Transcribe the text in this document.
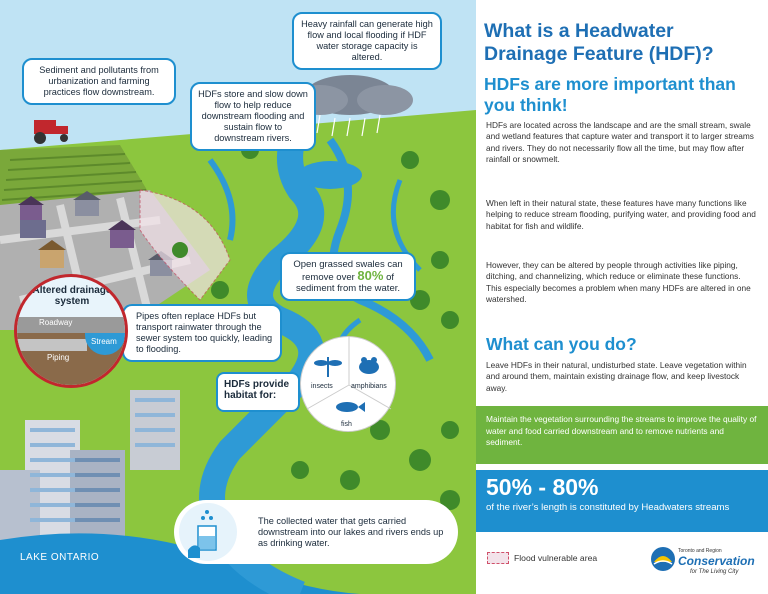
Sediment and pollutants from urbanization and farming practices flow downstream.
Heavy rainfall can generate high flow and local flooding if HDF water storage capacity is altered.
HDFs store and slow down flow to help reduce downstream flooding and sustain flow to downstream rivers.
Open grassed swales can remove over 80% of sediment from the water.
Pipes often replace HDFs but transport rainwater through the sewer system too quickly, leading to flooding.
Altered drainage system
Roadway
Piping
Stream
HDFs provide habitat for:
insects	amphibians
fish
The collected water that gets carried downstream into our lakes and rivers ends up as drinking water.
LAKE ONTARIO
What is a Headwater Drainage Feature (HDF)?
HDFs are more important than you think!

HDFs are located across the landscape and are the small stream, swale and wetland features that capture water and transport it to larger streams and rivers. They do not necessarily flow all the time, but may flow after rainfall or snowmelt.

When left in their natural state, these features have many functions like helping to reduce stream flooding, purifying water, and providing food and habitat for fish and wildlife.

However, they can be altered by people through activities like piping, ditching, and channelizing, which reduce or eliminate these functions. This especially becomes a problem when many HDFs are altered in one watershed.

What can you do?

Leave HDFs in their natural, undisturbed state. Leave vegetation within and around them, maintain existing drainage flow, and keep livestock away.

Maintain the vegetation surrounding the streams to improve the quality of water and food carried downstream and to remove nutrients and sediment.

50% - 80%

of the river’s length is constituted by Headwaters streams

Flood vulnerable area
Toronto and Region
Conservation
for The Living City
